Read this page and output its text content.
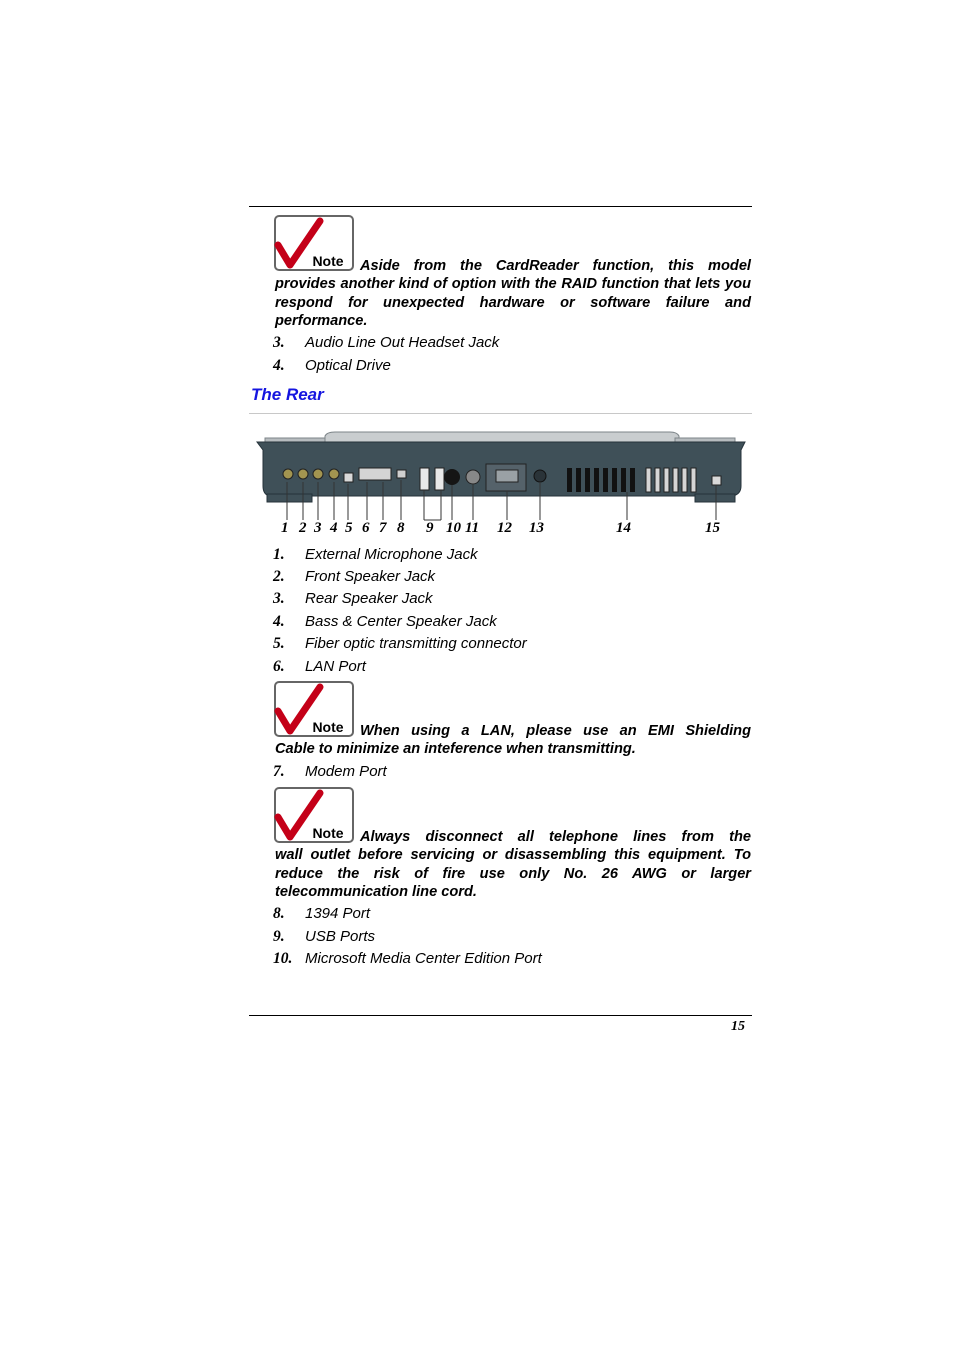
Note	Aside from the CardReader function, this model
provides another kind of option with the RAID function that lets you respond for unexpected hardware or software failure and performance.
3. Audio Line Out Headset Jack
4. Optical Drive
The Rear
1 2 3 4 5 6 7 8 9 10 11 12 13	14	15
1. External Microphone Jack
2. Front Speaker Jack
3. Rear Speaker Jack
4. Bass & Center Speaker Jack
5. Fiber optic transmitting connector
6. LAN Port
Note	When using a LAN, please use an EMI Shielding
Cable to minimize an inteference when transmitting.
7. Modem Port
Note	Always disconnect all telephone lines from the
wall outlet before servicing or disassembling this equipment. To reduce the risk of fire use only No. 26 AWG or larger telecommunication line cord.
8. 1394 Port
9. USB Ports
10. Microsoft Media Center Edition Port
15
